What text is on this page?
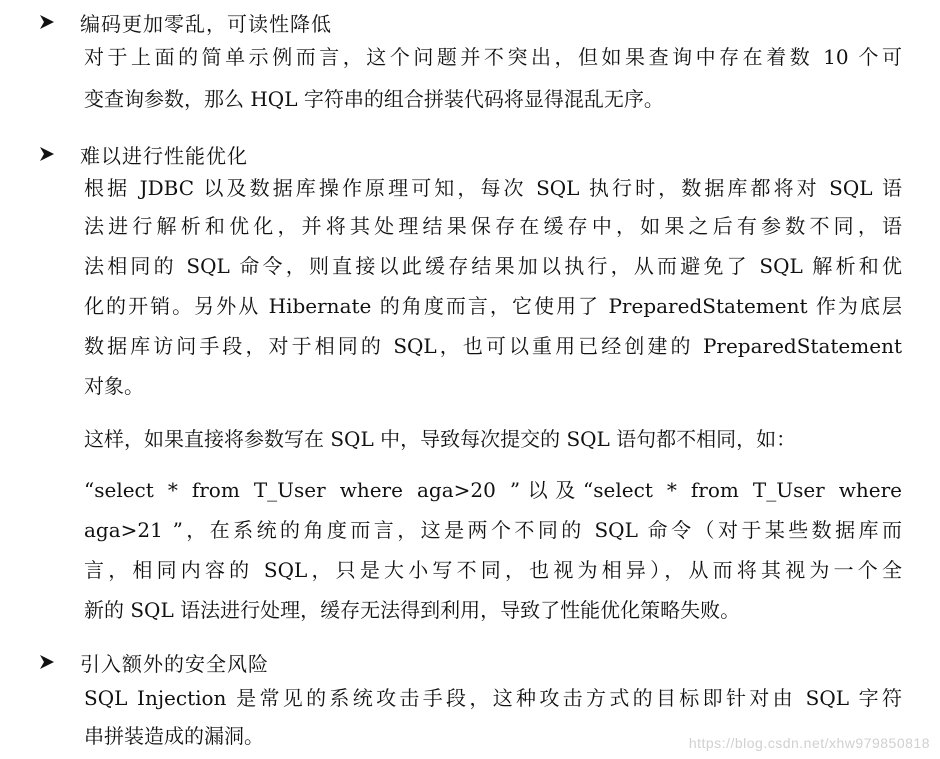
编码更加零乱，可读性降低
对于上面的简单示例而言，这个问题并不突出，但如果查询中存在着数 10 个可
变查询参数，那么 HQL 字符串的组合拼装代码将显得混乱无序。
难以进行性能优化
根据 JDBC 以及数据库操作原理可知，每次 SQL 执行时，数据库都将对 SQL 语
法进行解析和优化，并将其处理结果保存在缓存中，如果之后有参数不同，语
法相同的 SQL 命令，则直接以此缓存结果加以执行，从而避免了 SQL 解析和优
化的开销。另外从 Hibernate 的角度而言，它使用了 PreparedStatement 作为底层
数据库访问手段，对于相同的 SQL，也可以重用已经创建的 PreparedStatement
对象。
这样，如果直接将参数写在 SQL 中，导致每次提交的 SQL 语句都不相同，如：
“select * from T_User where aga>20 ”以及“select * from T_User where
aga>21 ”，在系统的角度而言，这是两个不同的 SQL 命令（对于某些数据库而
言，相同内容的 SQL，只是大小写不同，也视为相异），从而将其视为一个全
新的 SQL 语法进行处理，缓存无法得到利用，导致了性能优化策略失败。
引入额外的安全风险
SQL Injection 是常见的系统攻击手段，这种攻击方式的目标即针对由 SQL 字符
串拼装造成的漏洞。	https://blog.csdn.net/xhw979850818
